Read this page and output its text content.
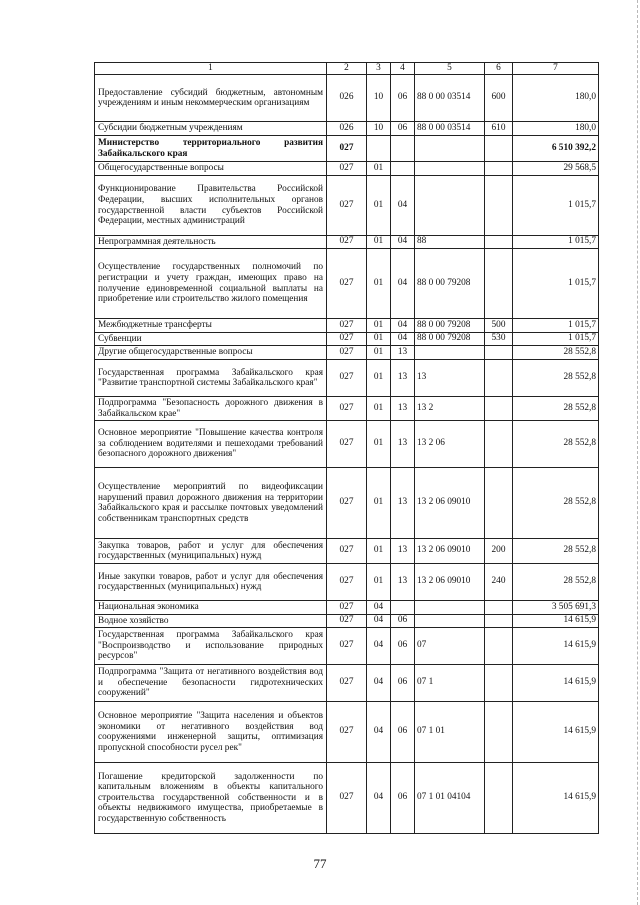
1	2	3	4	5	6	7
Предоставление субсидий бюджетным, автономным учреждениям и иным некоммерческим организациям	026	10	06	88 0 00 03514	600	180,0
Субсидии бюджетным учреждениям	026	10	06	88 0 00 03514	610	180,0
Министерство территориального развития Забайкальского края	027					6 510 392,2
Общегосударственные вопросы	027	01				29 568,5
Функционирование Правительства Российской Федерации, высших исполнительных органов государственной власти субъектов Российской Федерации, местных администраций	027	01	04			1 015,7
Непрограммная деятельность	027	01	04	88		1 015,7
Осуществление государственных полномочий по регистрации и учету граждан, имеющих право на получение единовременной социальной выплаты на приобретение или строительство жилого помещения	027	01	04	88 0 00 79208		1 015,7
Межбюджетные трансферты	027	01	04	88 0 00 79208	500	1 015,7
Субвенции	027	01	04	88 0 00 79208	530	1 015,7
Другие общегосударственные вопросы	027	01	13			28 552,8
Государственная программа Забайкальского края "Развитие транспортной системы Забайкальского края"	027	01	13	13		28 552,8
Подпрограмма "Безопасность дорожного движения в Забайкальском крае"	027	01	13	13 2		28 552,8
Основное мероприятие "Повышение качества контроля за соблюдением водителями и пешеходами требований безопасного дорожного движения"	027	01	13	13 2 06		28 552,8
Осуществление мероприятий по видеофиксации нарушений правил дорожного движения на территории Забайкальского края и рассылке почтовых уведомлений собственникам транспортных средств	027	01	13	13 2 06 09010		28 552,8
Закупка товаров, работ и услуг для обеспечения государственных (муниципальных) нужд	027	01	13	13 2 06 09010	200	28 552,8
Иные закупки товаров, работ и услуг для обеспечения государственных (муниципальных) нужд	027	01	13	13 2 06 09010	240	28 552,8
Национальная экономика	027	04				3 505 691,3
Водное хозяйство	027	04	06			14 615,9
Государственная программа Забайкальского края "Воспроизводство и использование природных ресурсов"	027	04	06	07		14 615,9
Подпрограмма "Защита от негативного воздействия вод и обеспечение безопасности гидротехнических сооружений"	027	04	06	07 1		14 615,9
Основное мероприятие "Защита населения и объектов экономики от негативного воздействия вод сооружениями инженерной защиты, оптимизация пропускной способности русел рек"	027	04	06	07 1 01		14 615,9
Погашение кредиторской задолженности по капитальным вложениям в объекты капитального строительства государственной собственности и в объекты недвижимого имущества, приобретаемые в государственную собственность	027	04	06	07 1 01 04104		14 615,9
77
